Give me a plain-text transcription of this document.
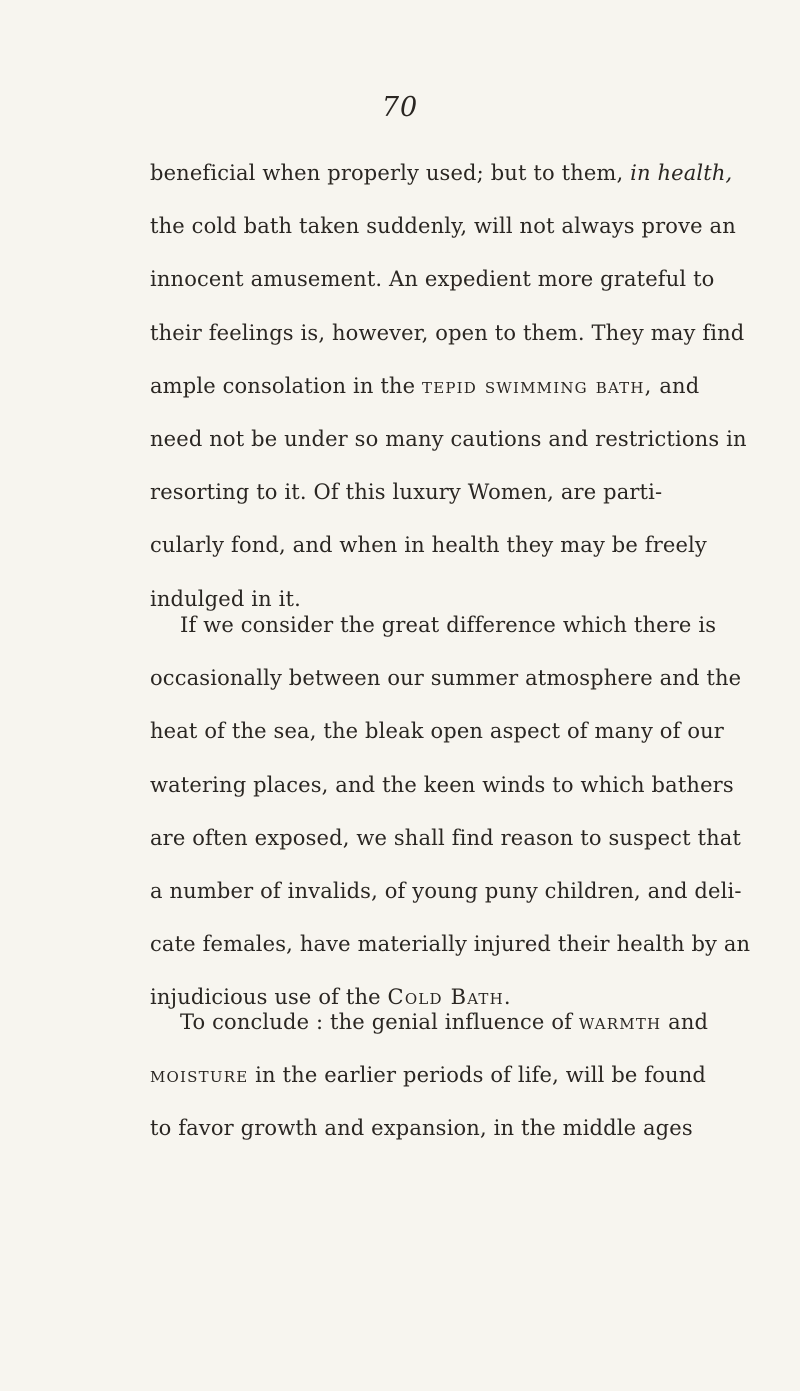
70
beneficial when properly used; but to them, in health,
the cold bath taken suddenly, will not always prove an
innocent amusement. An expedient more grateful to
their feelings is, however, open to them. They may find
ample consolation in the tepid swimming bath, and
need not be under so many cautions and restrictions in
resorting to it. Of this luxury Women, are parti-
cularly fond, and when in health they may be freely
indulged in it.
If we consider the great difference which there is
occasionally between our summer atmosphere and the
heat of the sea, the bleak open aspect of many of our
watering places, and the keen winds to which bathers
are often exposed, we shall find reason to suspect that
a number of invalids, of young puny children, and deli-
cate females, have materially injured their health by an
injudicious use of the Cold Bath.
To conclude : the genial influence of warmth and
moisture in the earlier periods of life, will be found
to favor growth and expansion, in the middle ages
